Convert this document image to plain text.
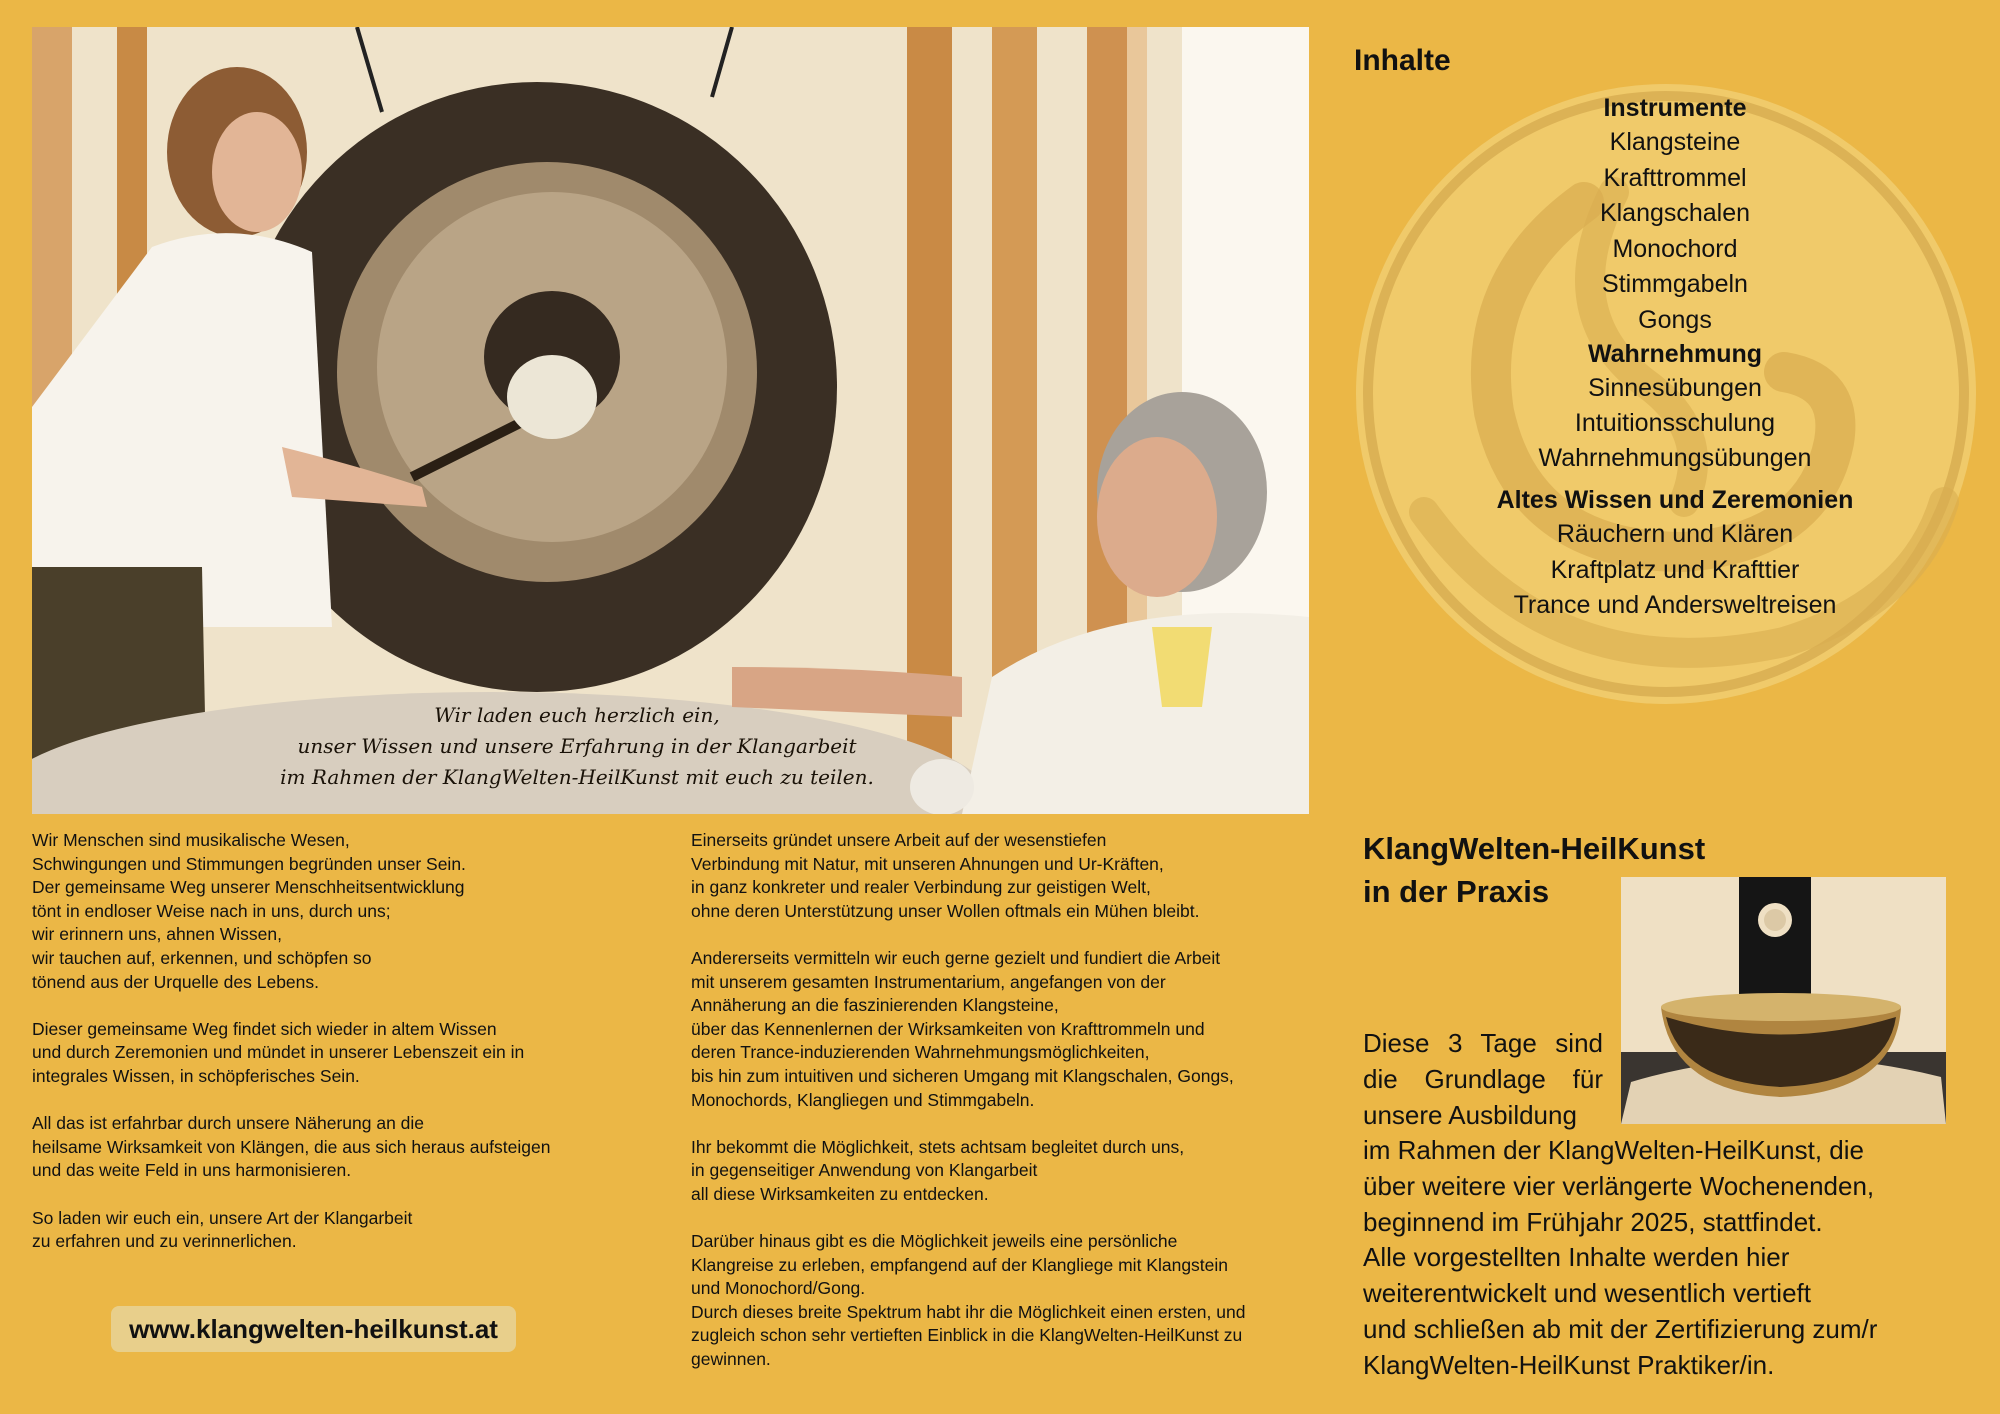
Wir laden euch herzlich ein,
unser Wissen und unsere Erfahrung in der Klangarbeit
im Rahmen der KlangWelten-HeilKunst mit euch zu teilen.

Wir Menschen sind musikalische Wesen,
Schwingungen und Stimmungen begründen unser Sein.
Der gemeinsame Weg unserer Menschheitsentwicklung
tönt in endloser Weise nach in uns, durch uns;
wir erinnern uns, ahnen Wissen,
wir tauchen auf, erkennen, und schöpfen so
tönend aus der Urquelle des Lebens.

Dieser gemeinsame Weg findet sich wieder in altem Wissen
und durch Zeremonien und mündet in unserer Lebenszeit ein in
integrales Wissen, in schöpferisches Sein.

All das ist erfahrbar durch unsere Näherung an die
heilsame Wirksamkeit von Klängen, die aus sich heraus aufsteigen
und das weite Feld in uns harmonisieren.

So laden wir euch ein, unsere Art der Klangarbeit
zu erfahren und zu verinnerlichen.

www.klangwelten-heilkunst.at

Einerseits gründet unsere Arbeit auf der wesenstiefen
Verbindung mit Natur, mit unseren Ahnungen und Ur-Kräften,
in ganz konkreter und realer Verbindung zur geistigen Welt,
ohne deren Unterstützung unser Wollen oftmals ein Mühen bleibt.

Andererseits vermitteln wir euch gerne gezielt und fundiert die Arbeit
mit unserem gesamten Instrumentarium, angefangen von der
Annäherung an die faszinierenden Klangsteine,
über das Kennenlernen der Wirksamkeiten von Krafttrommeln und
deren Trance-induzierenden Wahrnehmungsmöglichkeiten,
bis hin zum intuitiven und sicheren Umgang mit Klangschalen, Gongs,
Monochords, Klangliegen und Stimmgabeln.

Ihr bekommt die Möglichkeit, stets achtsam begleitet durch uns,
in gegenseitiger Anwendung von Klangarbeit
all diese Wirksamkeiten zu entdecken.

Darüber hinaus gibt es die Möglichkeit jeweils eine persönliche
Klangreise zu erleben, empfangend auf der Klangliege mit Klangstein
und Monochord/Gong.
Durch dieses breite Spektrum habt ihr die Möglichkeit einen ersten, und
zugleich schon sehr vertieften Einblick in die KlangWelten-HeilKunst zu
gewinnen.

Inhalte
Instrumente
Klangsteine
Krafttrommel
Klangschalen
Monochord
Stimmgabeln
Gongs
Wahrnehmung
Sinnesübungen
Intuitionsschulung
Wahrnehmungsübungen
Altes Wissen und Zeremonien
Räuchern und Klären
Kraftplatz und Krafttier
Trance und Andersweltreisen
KlangWelten-HeilKunst
in der Praxis
Diese 3 Tage sind die Grundlage für unsere Ausbildung
im Rahmen der KlangWelten-HeilKunst, die
über weitere vier verlängerte Wochenenden,
beginnend im Frühjahr 2025, stattfindet.
Alle vorgestellten Inhalte werden hier
weiterentwickelt und wesentlich vertieft
und schließen ab mit der Zertifizierung zum/r
KlangWelten-HeilKunst Praktiker/in.
